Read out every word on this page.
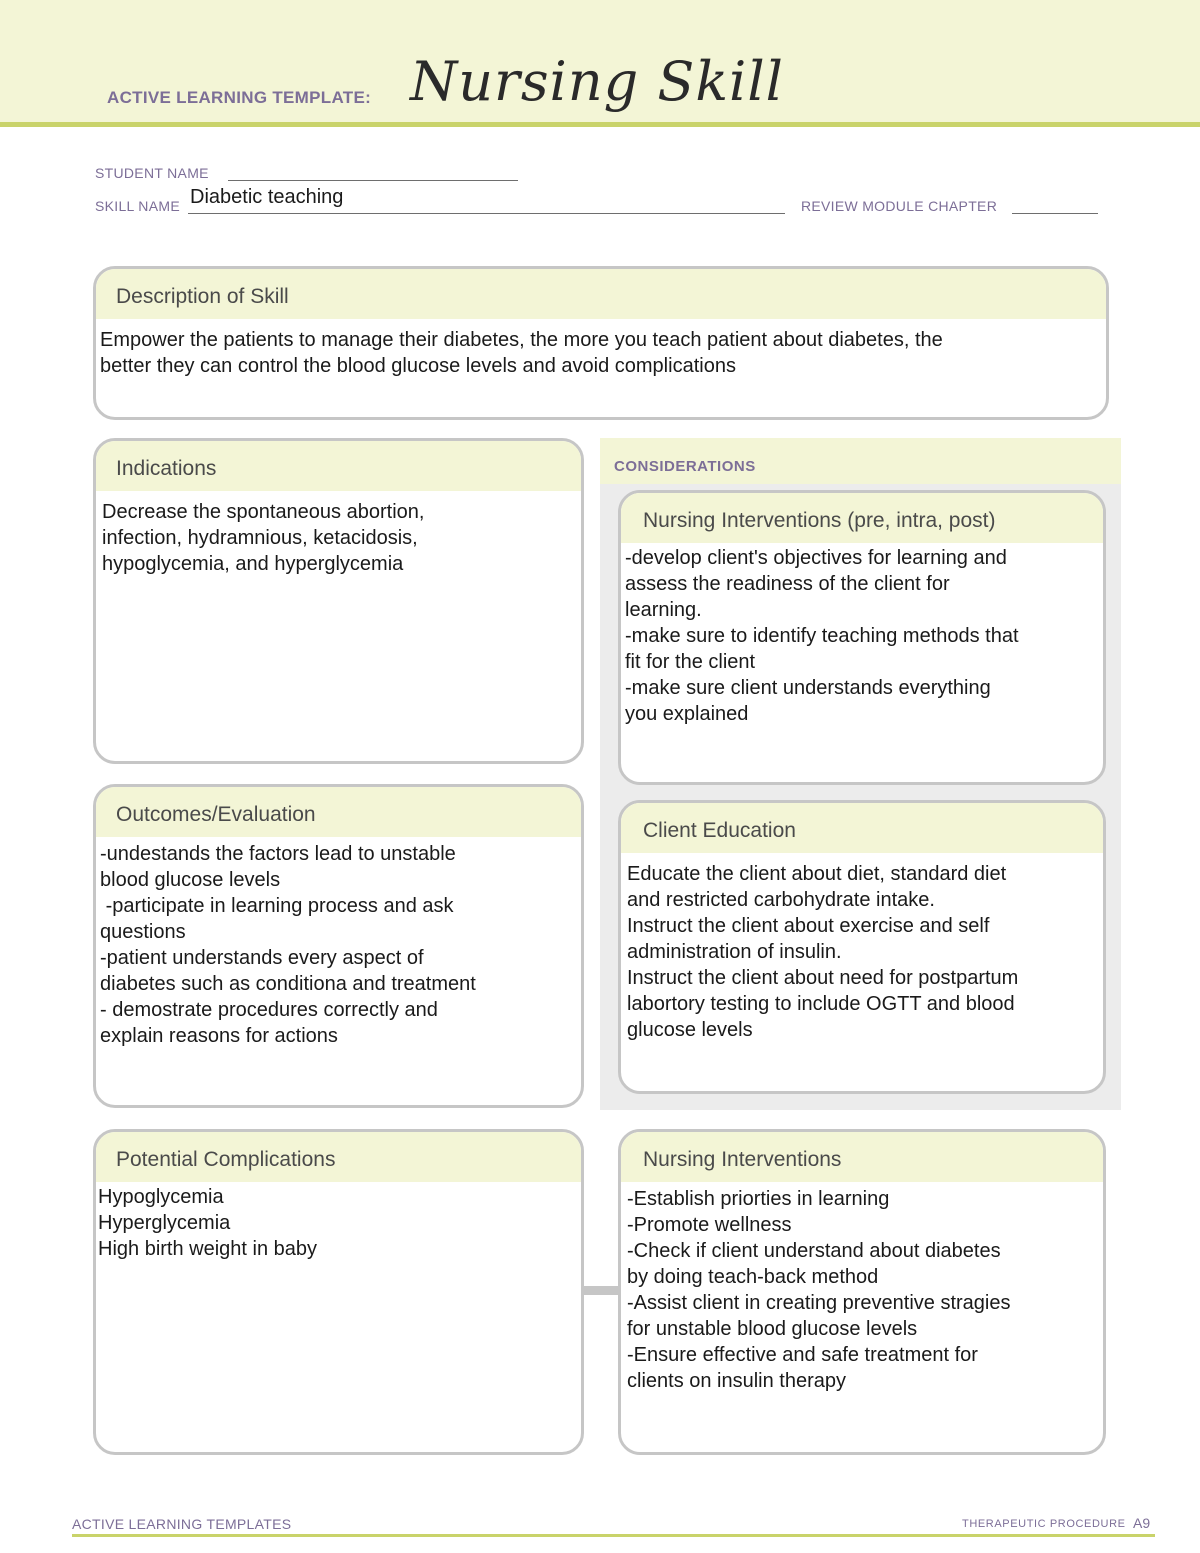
ACTIVE LEARNING TEMPLATE: Nursing Skill
STUDENT NAME
SKILL NAME Diabetic teaching	REVIEW MODULE CHAPTER
Description of Skill
Empower the patients to manage their diabetes, the more you teach patient about diabetes, the
better they can control the blood glucose levels and avoid complications
CONSIDERATIONS
Indications
Decrease the spontaneous abortion,
infection, hydramnious, ketacidosis,
hypoglycemia, and hyperglycemia
Nursing Interventions (pre, intra, post)
-develop client's objectives for learning and
assess the readiness of the client for
learning.
-make sure to identify teaching methods that
fit for the client
-make sure client understands everything
you explained
Outcomes/Evaluation
-undestands the factors lead to unstable
blood glucose levels
-participate in learning process and ask
questions
-patient understands every aspect of
diabetes such as conditiona and treatment
- demostrate procedures correctly and
explain reasons for actions
Client Education
Educate the client about diet, standard diet
and restricted carbohydrate intake.
Instruct the client about exercise and self
administration of insulin.
Instruct the client about need for postpartum
labortory testing to include OGTT and blood
glucose levels
Potential Complications
Hypoglycemia
Hyperglycemia
High birth weight in baby
Nursing Interventions
-Establish priorties in learning
-Promote wellness
-Check if client understand about diabetes
by doing teach-back method
-Assist client in creating preventive stragies
for unstable blood glucose levels
-Ensure effective and safe treatment for
clients on insulin therapy
ACTIVE LEARNING TEMPLATES	THERAPEUTIC PROCEDURE A9
